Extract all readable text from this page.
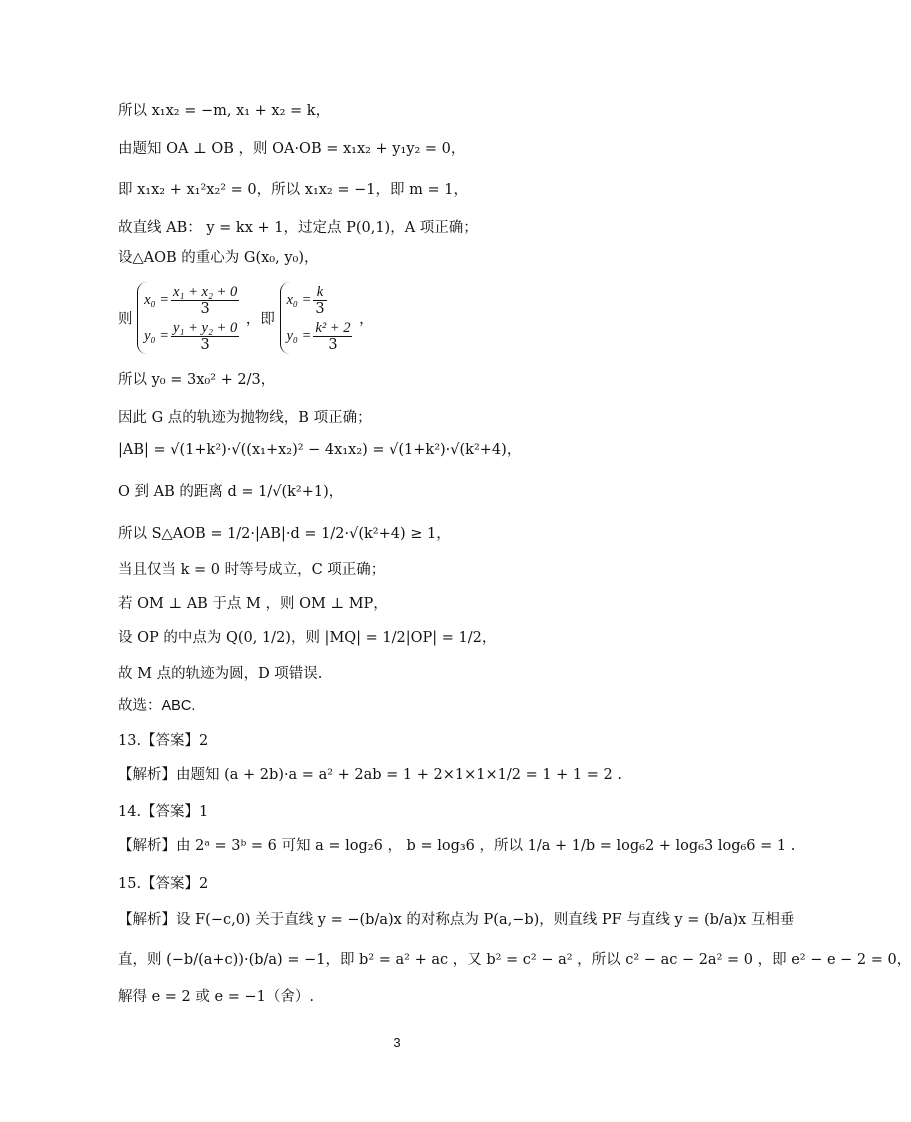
所以 x₁x₂ = −m, x₁ + x₂ = k，
由题知 OA ⊥ OB ，则 OA·OB = x₁x₂ + y₁y₂ = 0，
即 x₁x₂ + x₁²x₂² = 0，所以 x₁x₂ = −1，即 m = 1，
故直线 AB： y = kx + 1，过定点 P(0,1)，A 项正确；
设△AOB 的重心为 G(x₀, y₀)，
则
$x_0 = \frac{\text{x₁ + x₂ + 0}}{3}$
$y_0 = \frac{\text{y₁ + y₂ + 0}}{3}$ ，即
$x_0 = \frac{k}{3}$
$y_0 = \frac{\text{k² + 2}}{3}$ ，
所以 y₀ = 3x₀² + 2/3，
因此 G 点的轨迹为抛物线，B 项正确；
|AB| = √(1+k²)·√((x₁+x₂)² − 4x₁x₂) = √(1+k²)·√(k²+4)，
O 到 AB 的距离 d = 1/√(k²+1)，
所以 S△AOB = 1/2·|AB|·d = 1/2·√(k²+4) ≥ 1，
当且仅当 k = 0 时等号成立，C 项正确；
若 OM ⊥ AB 于点 M ，则 OM ⊥ MP，
设 OP 的中点为 Q(0, 1/2)，则 |MQ| = 1/2|OP| = 1/2，
故 M 点的轨迹为圆，D 项错误.
故选：ABC.
13.【答案】2
【解析】由题知 (a + 2b)·a = a² + 2ab = 1 + 2×1×1×1/2 = 1 + 1 = 2 .
14.【答案】1
【解析】由 2ᵃ = 3ᵇ = 6 可知 a = log₂6 ， b = log₃6 ，所以 1/a + 1/b = log₆2 + log₆3 log₆6 = 1 .
15.【答案】2
【解析】设 F(−c,0) 关于直线 y = −(b/a)x 的对称点为 P(a,−b)，则直线 PF 与直线 y = (b/a)x 互相垂
直，则 (−b/(a+c))·(b/a) = −1，即 b² = a² + ac ，又 b² = c² − a² ，所以 c² − ac − 2a² = 0 ，即 e² − e − 2 = 0，
解得 e = 2 或 e = −1（舍）.
3
